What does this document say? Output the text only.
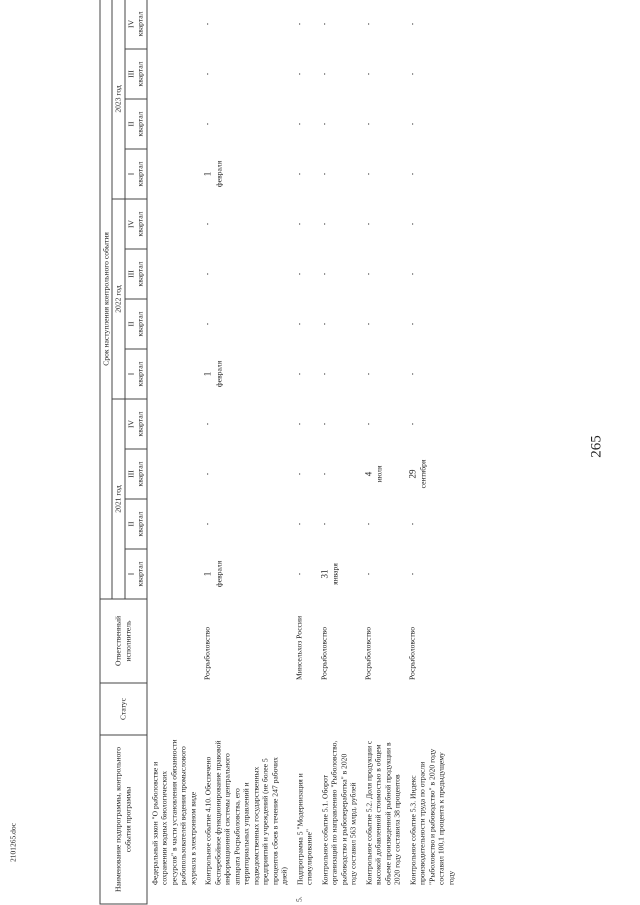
265
Наименование подпрограммы, контрольного события программы		Статус	Ответственный исполнитель	Срок наступления контрольного события											
				2021 год				2022 год				2023 год			

				I квартал	II квартал	III квартал	IV квартал	I квартал	II квартал	III квартал	IV квартал	I квартал	II квартал	III квартал	IV квартал

	Федеральный закон "О рыболовстве и сохранении водных биологических ресурсов" в части установления обязанности рыбопользователей ведения промыслового журнала в электронном виде														
	Контрольное событие 4.10. Обеспечено бесперебойное функционирование правовой информационной системы центрального аппарата Росрыболовства, его территориальных управлений и подведомственных государственных предприятий и учреждений (не более 5 процентов сбоев в течение 247 рабочих дней)		Росрыболовство	1 февраля	-	-	-	1 февраля	-	-	-	1 февраля	-	-	-
5.	Подпрограмма 5 "Модернизация и стимулирование"		Минсельхоз России	-	-	-	-	-	-	-	-	-	-	-	-
	Контрольное событие 5.1. Оборот организаций по направлению "Рыболовство, рыбоводство и рыбопереработка" в 2020 году составил 563 млрд. рублей		Росрыболовство	31 января	-	-	-	-	-	-	-	-	-	-	-
	Контрольное событие 5.2. Доля продукции с высокой добавленной стоимостью в общем объеме произведенной рыбной продукции в 2020 году составила 38 процентов		Росрыболовство	-	-	4 июля	-	-	-	-	-	-	-	-	-
	Контрольное событие 5.3. Индекс производительности труда по отрасли "Рыболовство и рыбоводство" в 2020 году составил 100,1 процента к предыдущему году		Росрыболовство	-	-	29 сентября	-	-	-	-	-	-	-	-	-
2101265.doc
